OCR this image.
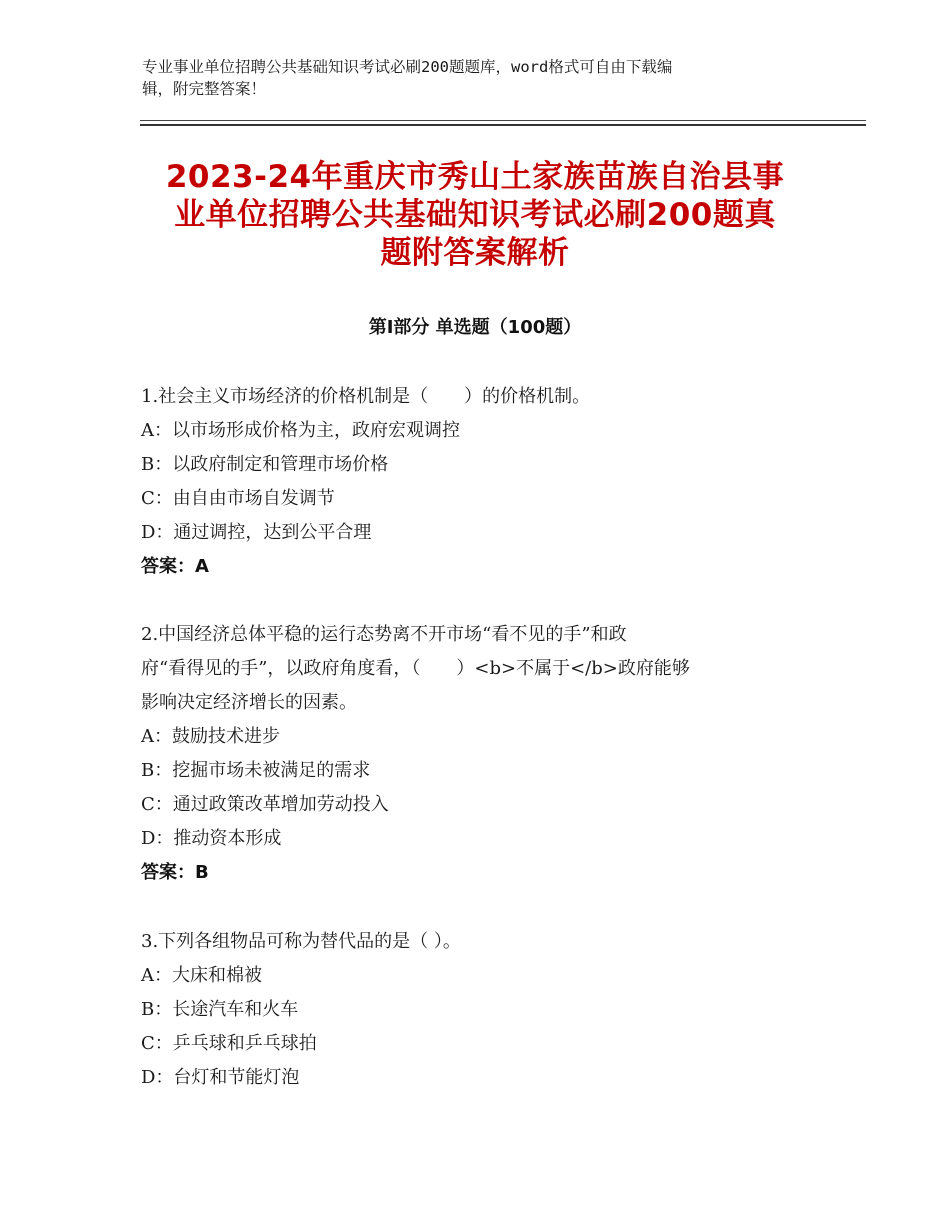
专业事业单位招聘公共基础知识考试必刷200题题库，word格式可自由下载编
辑，附完整答案！
2023-24年重庆市秀山土家族苗族自治县事
业单位招聘公共基础知识考试必刷200题真
题附答案解析
第Ⅰ部分 单选题（100题）
1.社会主义市场经济的价格机制是（　　）的价格机制。
A：以市场形成价格为主，政府宏观调控
B：以政府制定和管理市场价格
C：由自由市场自发调节
D：通过调控，达到公平合理
答案：A
2.中国经济总体平稳的运行态势离不开市场“看不见的手”和政
府“看得见的手”，以政府角度看，（　　）<b>不属于</b>政府能够
影响决定经济增长的因素。
A：鼓励技术进步
B：挖掘市场未被满足的需求
C：通过政策改革增加劳动投入
D：推动资本形成
答案：B
3.下列各组物品可称为替代品的是（ ）。
A：大床和棉被
B：长途汽车和火车
C：乒乓球和乒乓球拍
D：台灯和节能灯泡
